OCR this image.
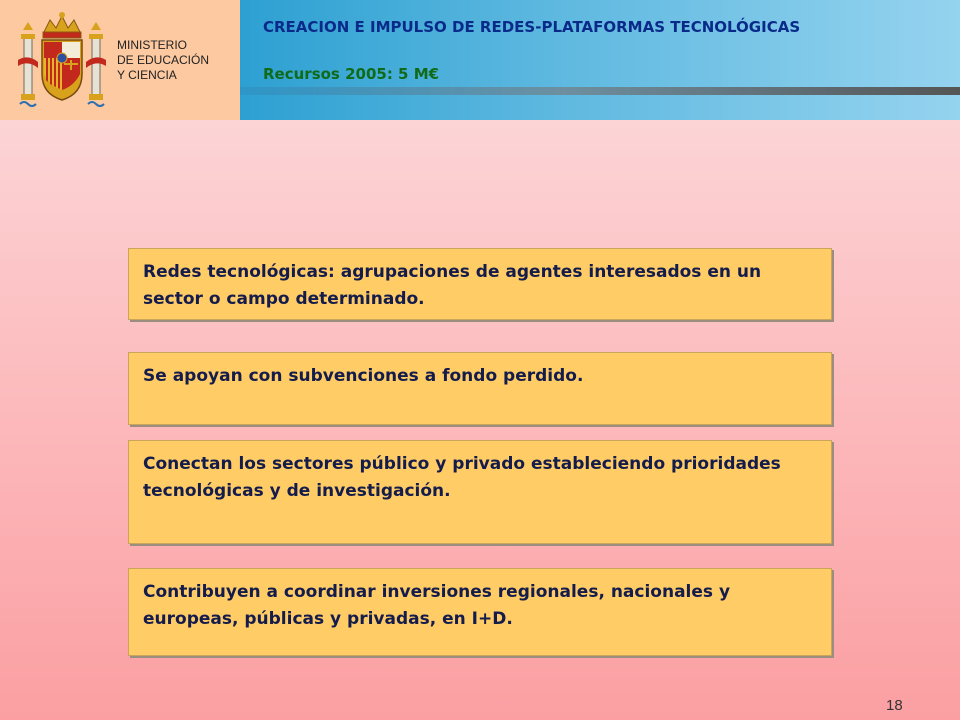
MINISTERIO
DE EDUCACIÓN
Y CIENCIA
CREACION E IMPULSO DE REDES-PLATAFORMAS TECNOLÓGICAS
Recursos 2005: 5 M€
Redes tecnológicas: agrupaciones de agentes interesados en un sector o campo determinado.
Se apoyan con subvenciones a fondo perdido.
Conectan los sectores público y privado estableciendo prioridades tecnológicas y de investigación.
Contribuyen a coordinar inversiones regionales, nacionales y europeas, públicas y privadas, en I+D.
18
